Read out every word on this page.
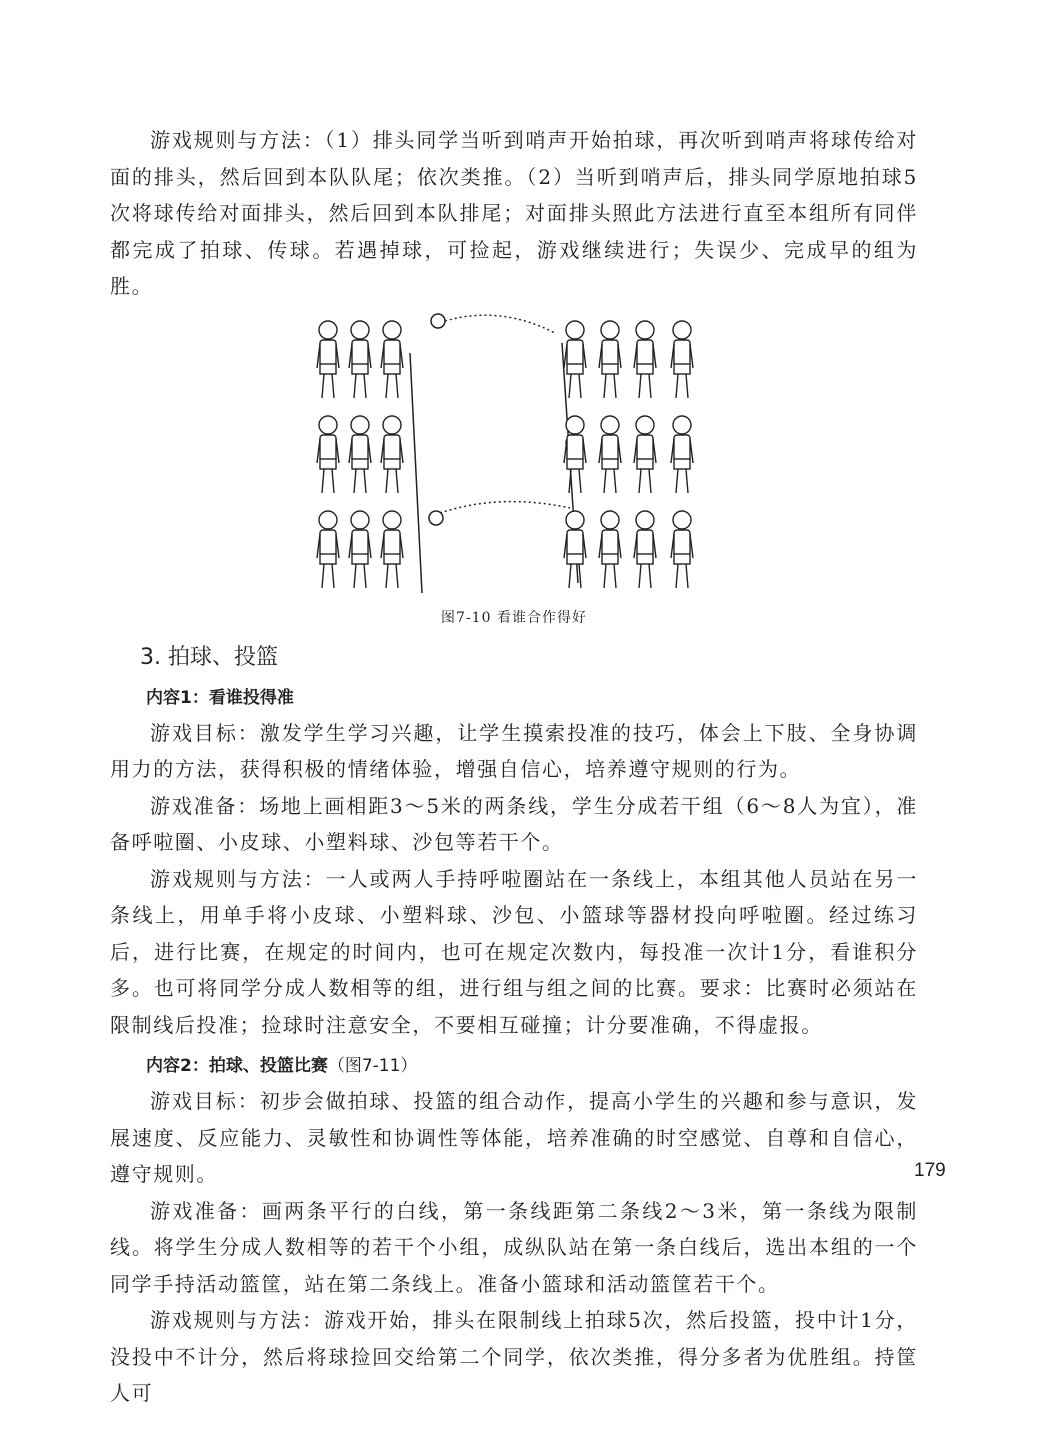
游戏规则与方法：（1）排头同学当听到哨声开始拍球，再次听到哨声将球传给对面的排头，然后回到本队队尾；依次类推。（2）当听到哨声后，排头同学原地拍球5次将球传给对面排头，然后回到本队排尾；对面排头照此方法进行直至本组所有同伴都完成了拍球、传球。若遇掉球，可捡起，游戏继续进行；失误少、完成早的组为胜。

图7-10 看谁合作得好
3. 拍球、投篮
内容1：看谁投得准

游戏目标：激发学生学习兴趣，让学生摸索投准的技巧，体会上下肢、全身协调用力的方法，获得积极的情绪体验，增强自信心，培养遵守规则的行为。

游戏准备：场地上画相距3～5米的两条线，学生分成若干组（6～8人为宜），准备呼啦圈、小皮球、小塑料球、沙包等若干个。

游戏规则与方法：一人或两人手持呼啦圈站在一条线上，本组其他人员站在另一条线上，用单手将小皮球、小塑料球、沙包、小篮球等器材投向呼啦圈。经过练习后，进行比赛，在规定的时间内，也可在规定次数内，每投准一次计1分，看谁积分多。也可将同学分成人数相等的组，进行组与组之间的比赛。要求：比赛时必须站在限制线后投准；捡球时注意安全，不要相互碰撞；计分要准确，不得虚报。

内容2：拍球、投篮比赛（图7-11）

游戏目标：初步会做拍球、投篮的组合动作，提高小学生的兴趣和参与意识，发展速度、反应能力、灵敏性和协调性等体能，培养准确的时空感觉、自尊和自信心，遵守规则。

游戏准备：画两条平行的白线，第一条线距第二条线2～3米，第一条线为限制线。将学生分成人数相等的若干个小组，成纵队站在第一条白线后，选出本组的一个同学手持活动篮筐，站在第二条线上。准备小篮球和活动篮筐若干个。

游戏规则与方法：游戏开始，排头在限制线上拍球5次，然后投篮，投中计1分，没投中不计分，然后将球捡回交给第二个同学，依次类推，得分多者为优胜组。持筐人可

179
